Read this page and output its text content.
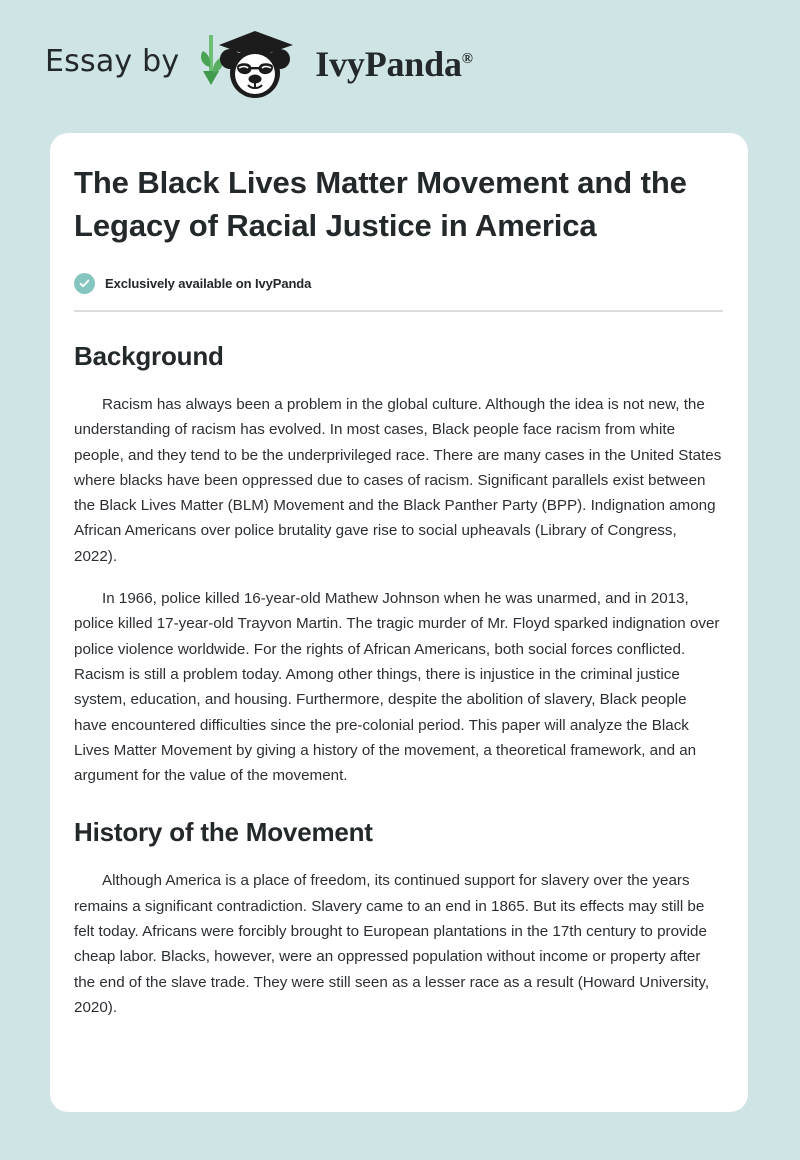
Essay by	IvyPanda®
The Black Lives Matter Movement and the Legacy of Racial Justice in America
Exclusively available on IvyPanda
Background

Racism has always been a problem in the global culture. Although the idea is not new, the understanding of racism has evolved. In most cases, Black people face racism from white people, and they tend to be the underprivileged race. There are many cases in the United States where blacks have been oppressed due to cases of racism. Significant parallels exist between the Black Lives Matter (BLM) Movement and the Black Panther Party (BPP). Indignation among African Americans over police brutality gave rise to social upheavals (Library of Congress, 2022).

In 1966, police killed 16-year-old Mathew Johnson when he was unarmed, and in 2013, police killed 17-year-old Trayvon Martin. The tragic murder of Mr. Floyd sparked indignation over police violence worldwide. For the rights of African Americans, both social forces conflicted. Racism is still a problem today. Among other things, there is injustice in the criminal justice system, education, and housing. Furthermore, despite the abolition of slavery, Black people have encountered difficulties since the pre-colonial period. This paper will analyze the Black Lives Matter Movement by giving a history of the movement, a theoretical framework, and an argument for the value of the movement.

History of the Movement

Although America is a place of freedom, its continued support for slavery over the years remains a significant contradiction. Slavery came to an end in 1865. But its effects may still be felt today. Africans were forcibly brought to European plantations in the 17th century to provide cheap labor. Blacks, however, were an oppressed population without income or property after the end of the slave trade. They were still seen as a lesser race as a result (Howard University, 2020).
